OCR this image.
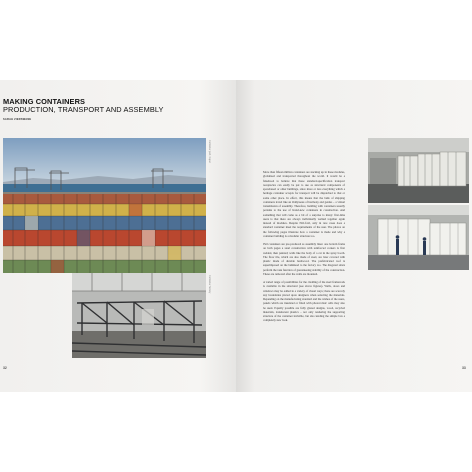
MAKING CONTAINERS
PRODUCTION, TRANSPORT AND ASSEMBLY
SARAH ZIERSWANE
Container port, Koper
Container factory
32	33

More than fifteen million containers are stacking up in these modules, globalised and transported throughout the world. It would be a falsehood to believe that these standard-specification transport receptacles can easily be put to use as structural components of spacebased or other buildings, since more or less everything which a heritage container accepts for transport will be dispatched to that or some other place. In effect, this means that the bulk of shipping containers travel like an Oddysseus of harmony and genius – a virtual transmission of assembly. Therefore, building with containers usually pertains to the use of brand-new containers in construction. And something that will come as a bit of a surprise to many: first-time users is that there are always individually welded together again instead of modules. Despite ISO-fold, only in rare cases does a standard container meet the requirements of the user. The photos on the following pages illustrate how a container is made and why a container building is a modular structure too.

ISO containers are pre-produced as assembly lines: one bottom frame on both pages a steel construction with reinforced corners is first welded, then painted; walls like the body of a car in the spray booth. The floor tile, which are also made of steel, are later covered with plastic made of durable hardwood. The prefabricated roof is superimposed on the bulkhead to the factory too. The diagonal struts perform the task function of guaranteeing stability of the construction. These are removed after the walls are mounted.

A varied range of possibilities for the cladding of the steel framework is available in the structural (see above figures). Walls, doors and windows may be added in a variety of visual ways; there are scarcely any boundaries placed upon designers when selecting the materials. Depending on the manufacturing standard and the wishes of the users, panels which are insulated or fitted with photovoltaic cells may also be used. Equally possible are fully glazed designs, wood, recycled materials, translucent plastics – not only rendering the supporting structure of the container invisible, but also lending the simple box a completely new look.
